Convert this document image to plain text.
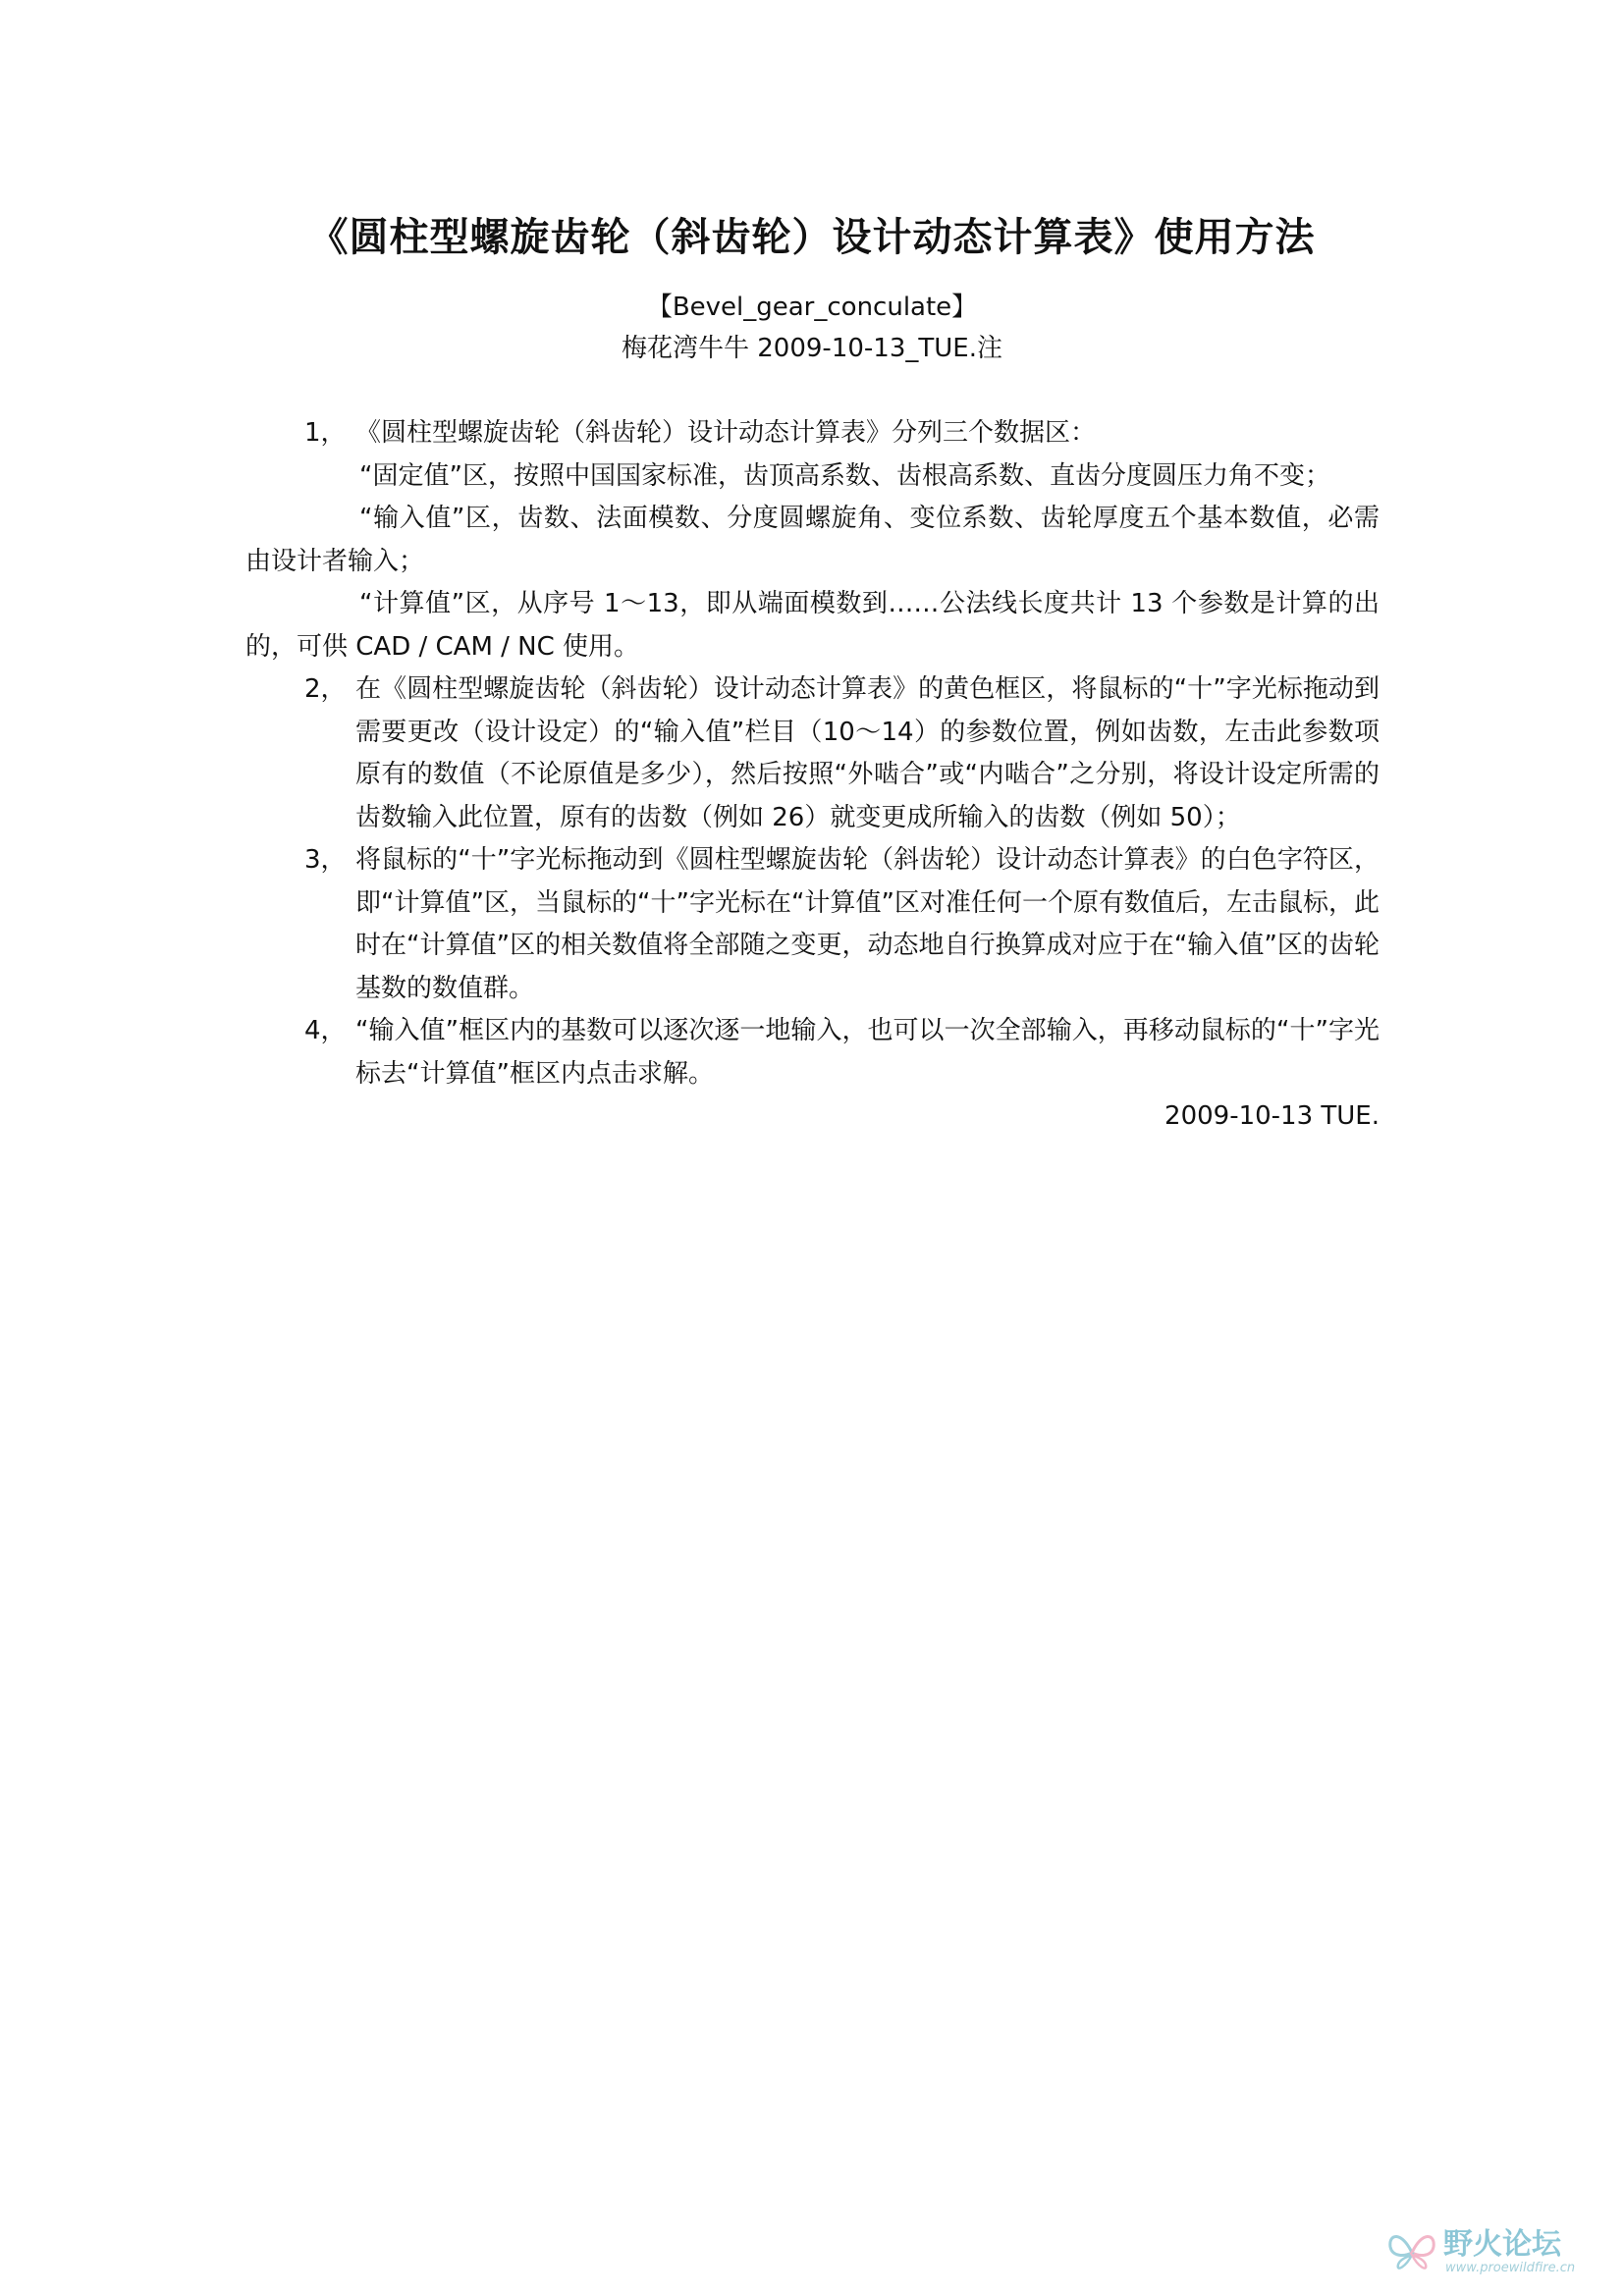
《圆柱型螺旋齿轮（斜齿轮）设计动态计算表》使用方法
【Bevel_gear_conculate】
梅花湾牛牛 2009-10-13_TUE.注
1， 《圆柱型螺旋齿轮（斜齿轮）设计动态计算表》分列三个数据区：

“固定值”区，按照中国国家标准，齿顶高系数、齿根高系数、直齿分度圆压力角不变；

“输入值”区，齿数、法面模数、分度圆螺旋角、变位系数、齿轮厚度五个基本数值，必需由设计者输入；

“计算值”区，从序号 1～13，即从端面模数到……公法线长度共计 13 个参数是计算的出的，可供 CAD / CAM / NC 使用。

2， 在《圆柱型螺旋齿轮（斜齿轮）设计动态计算表》的黄色框区，将鼠标的“十”字光标拖动到需要更改（设计设定）的“输入值”栏目（10～14）的参数位置，例如齿数，左击此参数项原有的数值（不论原值是多少），然后按照“外啮合”或“内啮合”之分别，将设计设定所需的齿数输入此位置，原有的齿数（例如 26）就变更成所输入的齿数（例如 50）；
3， 将鼠标的“十”字光标拖动到《圆柱型螺旋齿轮（斜齿轮）设计动态计算表》的白色字符区，即“计算值”区，当鼠标的“十”字光标在“计算值”区对准任何一个原有数值后，左击鼠标，此时在“计算值”区的相关数值将全部随之变更，动态地自行换算成对应于在“输入值”区的齿轮基数的数值群。
4， “输入值”框区内的基数可以逐次逐一地输入，也可以一次全部输入，再移动鼠标的“十”字光标去“计算值”框区内点击求解。

2009-10-13 TUE.

野火论坛
www.proewildfire.cn
